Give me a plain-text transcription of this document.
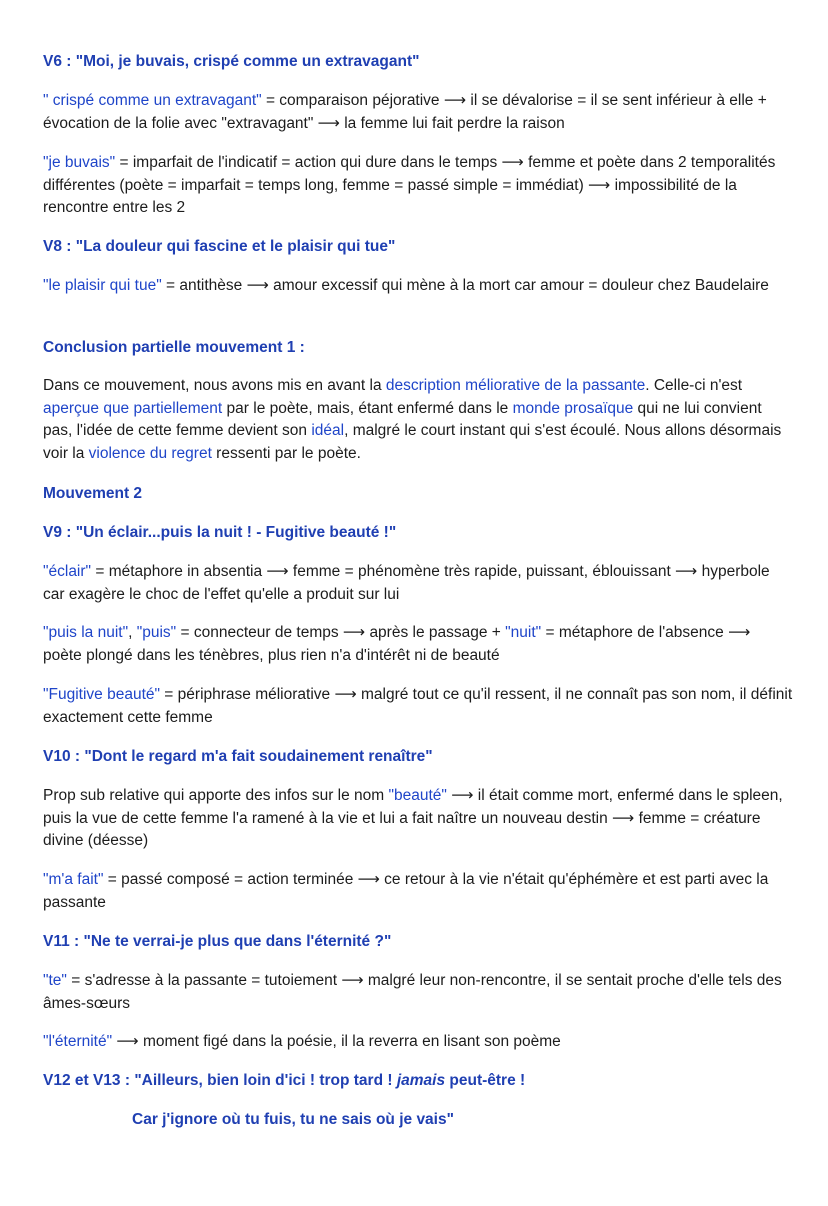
V6 : "Moi, je buvais, crispé comme un extravagant"

" crispé comme un extravagant" = comparaison péjorative ⟶ il se dévalorise = il se sent inférieur à elle + évocation de la folie avec "extravagant" ⟶ la femme lui fait perdre la raison

"je buvais" = imparfait de l'indicatif = action qui dure dans le temps ⟶ femme et poète dans 2 temporalités différentes (poète = imparfait = temps long, femme = passé simple = immédiat) ⟶ impossibilité de la rencontre entre les 2

V8 : "La douleur qui fascine et le plaisir qui tue"

"le plaisir qui tue" = antithèse ⟶ amour excessif qui mène à la mort car amour = douleur chez Baudelaire

Conclusion partielle mouvement 1 :

Dans ce mouvement, nous avons mis en avant la description méliorative de la passante. Celle-ci n'est aperçue que partiellement par le poète, mais, étant enfermé dans le monde prosaïque qui ne lui convient pas, l'idée de cette femme devient son idéal, malgré le court instant qui s'est écoulé. Nous allons désormais voir la violence du regret ressenti par le poète.

Mouvement 2
V9 : "Un éclair...puis la nuit ! - Fugitive beauté !"

"éclair" = métaphore in absentia ⟶ femme = phénomène très rapide, puissant, éblouissant ⟶ hyperbole car exagère le choc de l'effet qu'elle a produit sur lui

"puis la nuit", "puis" = connecteur de temps ⟶ après le passage + "nuit" = métaphore de l'absence ⟶ poète plongé dans les ténèbres, plus rien n'a d'intérêt ni de beauté

"Fugitive beauté" = périphrase méliorative ⟶ malgré tout ce qu'il ressent, il ne connaît pas son nom, il définit exactement cette femme

V10 : "Dont le regard m'a fait soudainement renaître"

Prop sub relative qui apporte des infos sur le nom "beauté" ⟶ il était comme mort, enfermé dans le spleen, puis la vue de cette femme l'a ramené à la vie et lui a fait naître un nouveau destin ⟶ femme = créature divine (déesse)

"m'a fait" = passé composé = action terminée ⟶ ce retour à la vie n'était qu'éphémère et est parti avec la passante

V11 : "Ne te verrai-je plus que dans l'éternité ?"

"te" = s'adresse à la passante = tutoiement ⟶ malgré leur non-rencontre, il se sentait proche d'elle tels des âmes-sœurs

"l'éternité" ⟶ moment figé dans la poésie, il la reverra en lisant son poème

V12 et V13 : "Ailleurs, bien loin d'ici ! trop tard ! jamais peut-être !
Car j'ignore où tu fuis, tu ne sais où je vais"
